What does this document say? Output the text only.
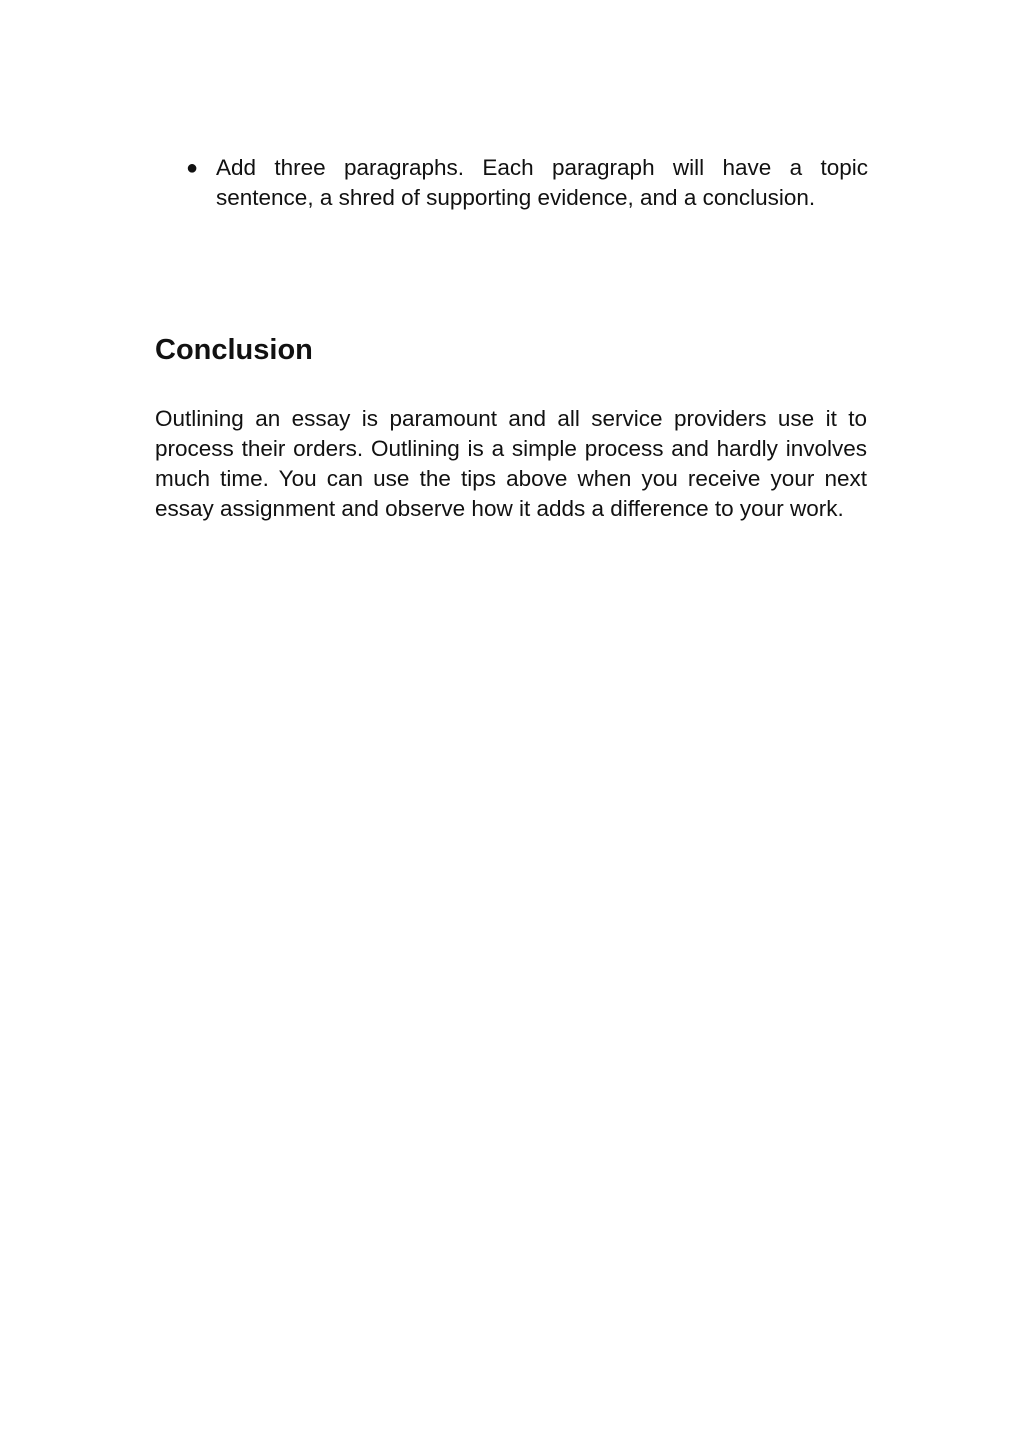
● Add three paragraphs. Each paragraph will have a topic sentence, a shred of supporting evidence, and a conclusion.
Conclusion

Outlining an essay is paramount and all service providers use it to process their orders. Outlining is a simple process and hardly involves much time. You can use the tips above when you receive your next essay assignment and observe how it adds a difference to your work.
